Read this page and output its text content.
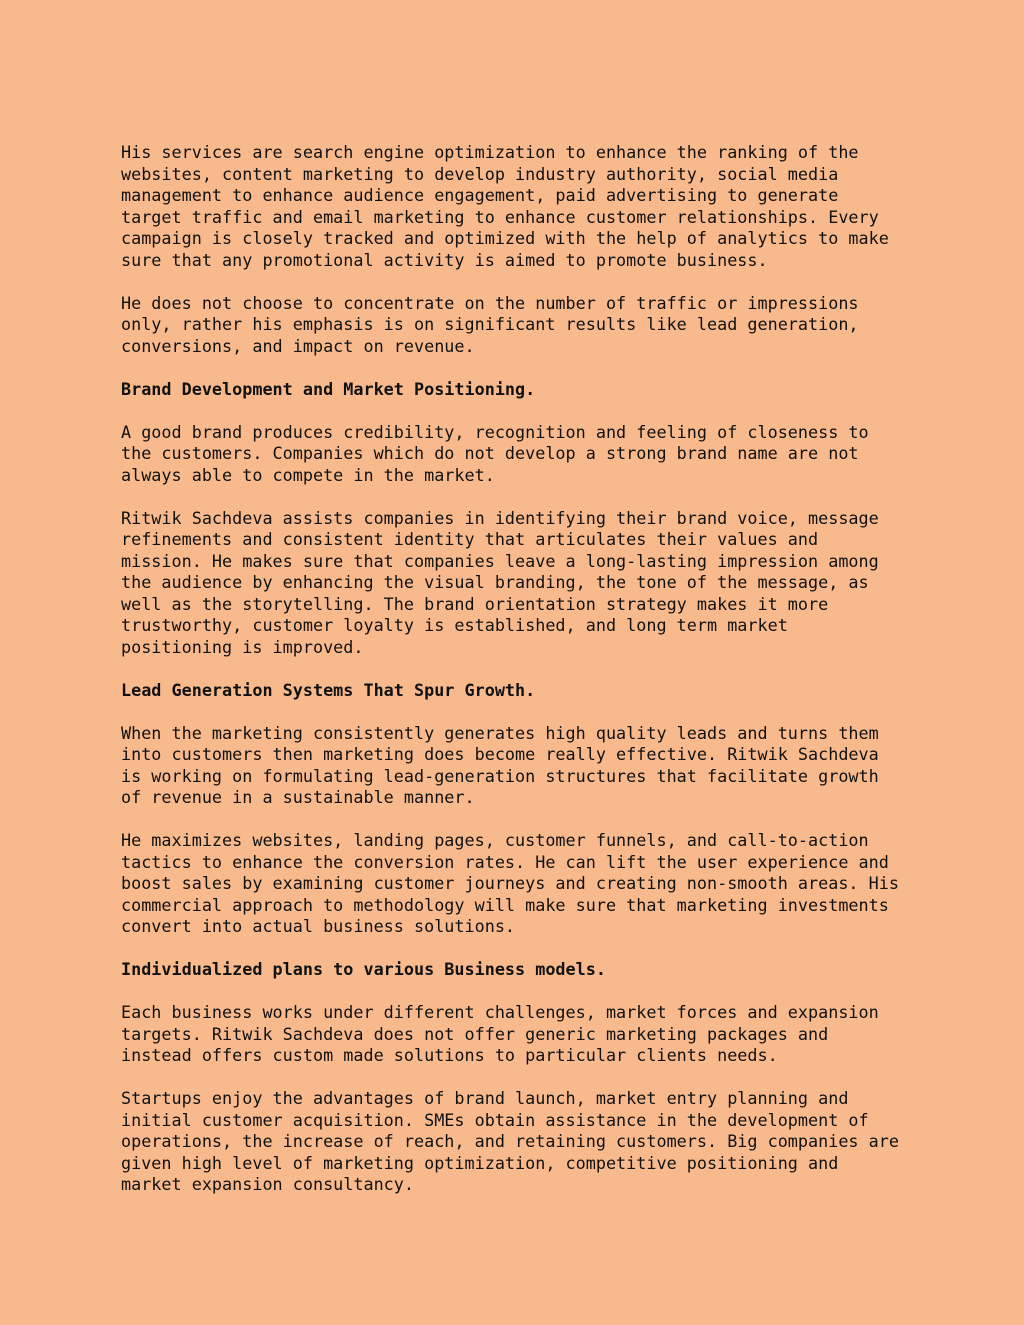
His services are search engine optimization to enhance the ranking of the
websites, content marketing to develop industry authority, social media
management to enhance audience engagement, paid advertising to generate
target traffic and email marketing to enhance customer relationships. Every
campaign is closely tracked and optimized with the help of analytics to make
sure that any promotional activity is aimed to promote business.
He does not choose to concentrate on the number of traffic or impressions
only, rather his emphasis is on significant results like lead generation,
conversions, and impact on revenue.
Brand Development and Market Positioning.
A good brand produces credibility, recognition and feeling of closeness to
the customers. Companies which do not develop a strong brand name are not
always able to compete in the market.
Ritwik Sachdeva assists companies in identifying their brand voice, message
refinements and consistent identity that articulates their values and
mission. He makes sure that companies leave a long-lasting impression among
the audience by enhancing the visual branding, the tone of the message, as
well as the storytelling. The brand orientation strategy makes it more
trustworthy, customer loyalty is established, and long term market
positioning is improved.
Lead Generation Systems That Spur Growth.
When the marketing consistently generates high quality leads and turns them
into customers then marketing does become really effective. Ritwik Sachdeva
is working on formulating lead-generation structures that facilitate growth
of revenue in a sustainable manner.
He maximizes websites, landing pages, customer funnels, and call-to-action
tactics to enhance the conversion rates. He can lift the user experience and
boost sales by examining customer journeys and creating non-smooth areas. His
commercial approach to methodology will make sure that marketing investments
convert into actual business solutions.
Individualized plans to various Business models.
Each business works under different challenges, market forces and expansion
targets. Ritwik Sachdeva does not offer generic marketing packages and
instead offers custom made solutions to particular clients needs.
Startups enjoy the advantages of brand launch, market entry planning and
initial customer acquisition. SMEs obtain assistance in the development of
operations, the increase of reach, and retaining customers. Big companies are
given high level of marketing optimization, competitive positioning and
market expansion consultancy.
